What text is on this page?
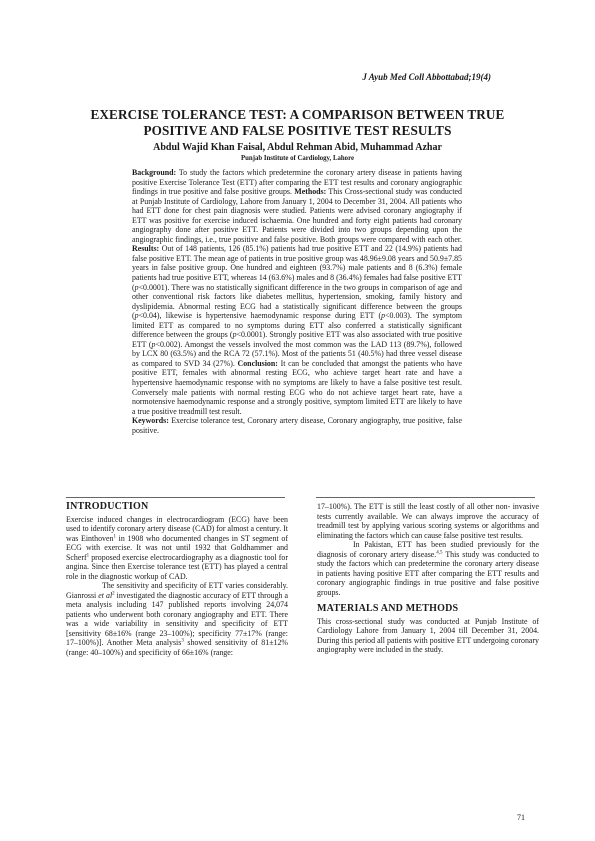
J Ayub Med Coll Abbottabad;19(4)
EXERCISE TOLERANCE TEST: A COMPARISON BETWEEN TRUE POSITIVE AND FALSE POSITIVE TEST RESULTS
Abdul Wajid Khan Faisal, Abdul Rehman Abid, Muhammad Azhar
Punjab Institute of Cardiology, Lahore

Background: To study the factors which predetermine the coronary artery disease in patients having positive Exercise Tolerance Test (ETT) after comparing the ETT test results and coronary angiographic findings in true positive and false positive groups. Methods: This Cross-sectional study was conducted at Punjab Institute of Cardiology, Lahore from January 1, 2004 to December 31, 2004. All patients who had ETT done for chest pain diagnosis were studied. Patients were advised coronary angiography if ETT was positive for exercise induced ischaemia. One hundred and forty eight patients had coronary angiography done after positive ETT. Patients were divided into two groups depending upon the angiographic findings, i.e., true positive and false positive. Both groups were compared with each other. Results: Out of 148 patients, 126 (85.1%) patients had true positive ETT and 22 (14.9%) patients had false positive ETT. The mean age of patients in true positive group was 48.96±9.08 years and 50.9±7.85 years in false positive group. One hundred and eighteen (93.7%) male patients and 8 (6.3%) female patients had true positive ETT, whereas 14 (63.6%) males and 8 (36.4%) females had false positive ETT (p<0.0001). There was no statistically significant difference in the two groups in comparison of age and other conventional risk factors like diabetes mellitus, hypertension, smoking, family history and dyslipidemia. Abnormal resting ECG had a statistically significant difference between the groups (p<0.04), likewise is hypertensive haemodynamic response during ETT (p<0.003). The symptom limited ETT as compared to no symptoms during ETT also conferred a statistically significant difference between the groups (p<0.0001). Strongly positive ETT was also associated with true positive ETT (p<0.002). Amongst the vessels involved the most common was the LAD 113 (89.7%), followed by LCX 80 (63.5%) and the RCA 72 (57.1%). Most of the patients 51 (40.5%) had three vessel disease as compared to SVD 34 (27%). Conclusion: It can be concluded that amongst the patients who have positive ETT, females with abnormal resting ECG, who achieve target heart rate and have a hypertensive haemodynamic response with no symptoms are likely to have a false positive test result. Conversely male patients with normal resting ECG who do not achieve target heart rate, have a normotensive haemodynamic response and a strongly positive, symptom limited ETT are likely to have a true positive treadmill test result.

Keywords: Exercise tolerance test, Coronary artery disease, Coronary angiography, true positive, false positive.

INTRODUCTION

Exercise induced changes in electrocardiogram (ECG) have been used to identify coronary artery disease (CAD) for almost a century. It was Einthoven$^1$ in 1908 who documented changes in ST segment of ECG with exercise. It was not until 1932 that Goldhammer and Scherf$^1$ proposed exercise electrocardiography as a diagnostic tool for angina. Since then Exercise tolerance test (ETT) has played a central role in the diagnostic workup of CAD.

The sensitivity and specificity of ETT varies considerably. Gianrossi et $al^2$ investigated the diagnostic accuracy of ETT through a meta analysis including 147 published reports involving 24,074 patients who underwent both coronary angiography and ETT. There was a wide variability in sensitivity and specificity of ETT [sensitivity 68±16% (range 23–100%); specificity 77±17% (range: 17–100%)]. Another Meta analysis$^3$ showed sensitivity of 81±12% (range: 40–100%) and specificity of 66±16% (range:

17–100%). The ETT is still the least costly of all other non- invasive tests currently available. We can always improve the accuracy of treadmill test by applying various scoring systems or algorithms and eliminating the factors which can cause false positive test results.

In Pakistan, ETT has been studied previously for the diagnosis of coronary artery disease.$^{4,5}$ This study was conducted to study the factors which can predetermine the coronary artery disease in patients having positive ETT after comparing the ETT results and coronary angiographic findings in true positive and false positive groups.

MATERIALS AND METHODS

This cross-sectional study was conducted at Punjab Institute of Cardiology Lahore from January 1, 2004 till December 31, 2004. During this period all patients with positive ETT undergoing coronary angiography were included in the study.

71
